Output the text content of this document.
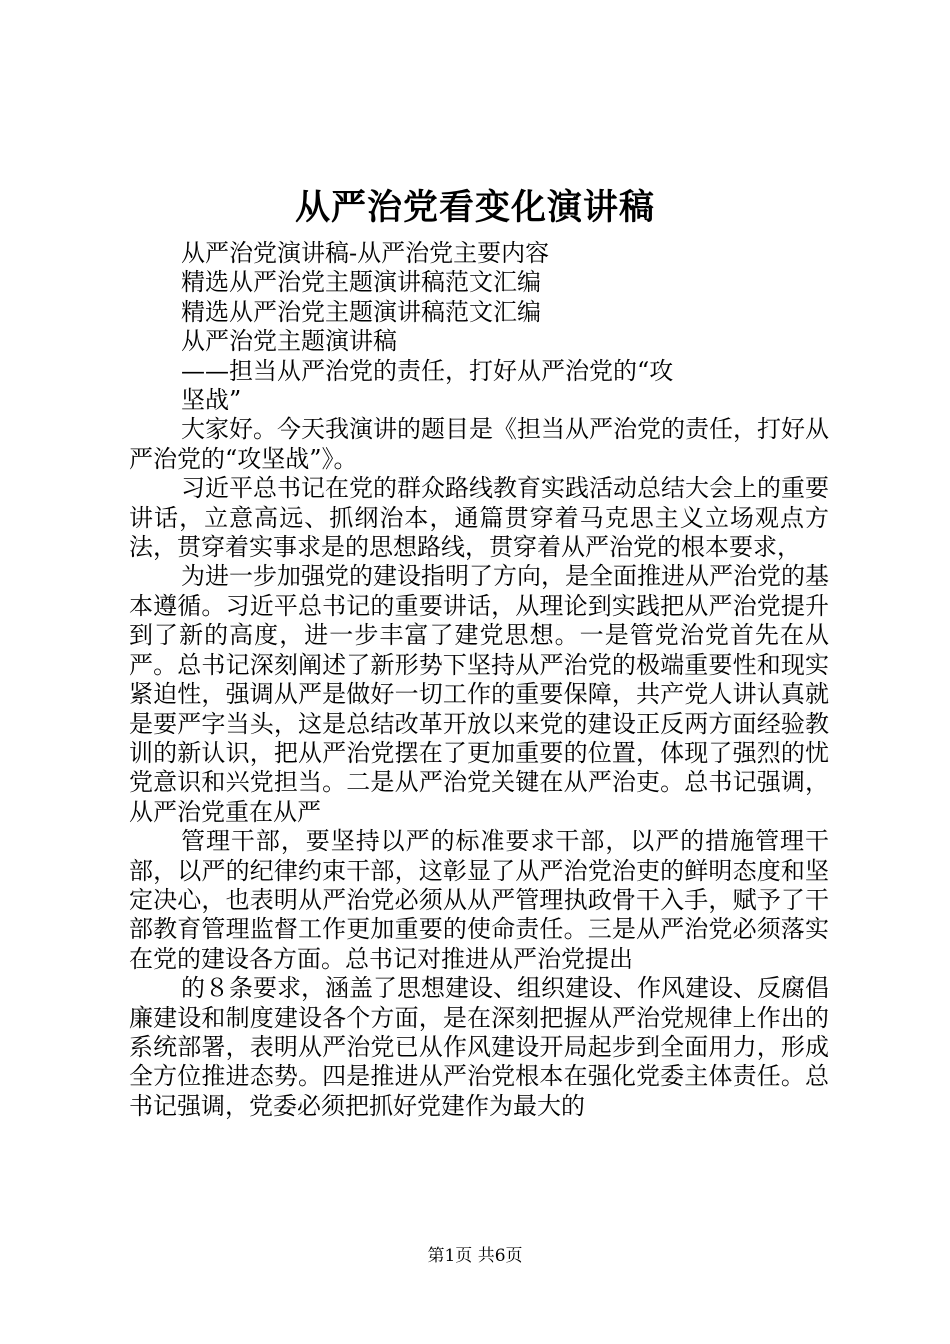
从严治党看变化演讲稿
从严治党演讲稿-从严治党主要内容
精选从严治党主题演讲稿范文汇编
精选从严治党主题演讲稿范文汇编
从严治党主题演讲稿
——担当从严治党的责任，打好从严治党的“攻
坚战”

大家好。今天我演讲的题目是《担当从严治党的责任，打好从严治党的“攻坚战”》。

习近平总书记在党的群众路线教育实践活动总结大会上的重要讲话，立意高远、抓纲治本，通篇贯穿着马克思主义立场观点方法，贯穿着实事求是的思想路线，贯穿着从严治党的根本要求，

为进一步加强党的建设指明了方向，是全面推进从严治党的基本遵循。习近平总书记的重要讲话，从理论到实践把从严治党提升到了新的高度，进一步丰富了建党思想。一是管党治党首先在从严。总书记深刻阐述了新形势下坚持从严治党的极端重要性和现实紧迫性，强调从严是做好一切工作的重要保障，共产党人讲认真就是要严字当头，这是总结改革开放以来党的建设正反两方面经验教训的新认识，把从严治党摆在了更加重要的位置，体现了强烈的忧党意识和兴党担当。二是从严治党关键在从严治吏。总书记强调，从严治党重在从严

管理干部，要坚持以严的标准要求干部，以严的措施管理干部，以严的纪律约束干部，这彰显了从严治党治吏的鲜明态度和坚定决心，也表明从严治党必须从从严管理执政骨干入手，赋予了干部教育管理监督工作更加重要的使命责任。三是从严治党必须落实在党的建设各方面。总书记对推进从严治党提出

的８条要求，涵盖了思想建设、组织建设、作风建设、反腐倡廉建设和制度建设各个方面，是在深刻把握从严治党规律上作出的系统部署，表明从严治党已从作风建设开局起步到全面用力，形成全方位推进态势。四是推进从严治党根本在强化党委主体责任。总书记强调，党委必须把抓好党建作为最大的

第1页 共6页
